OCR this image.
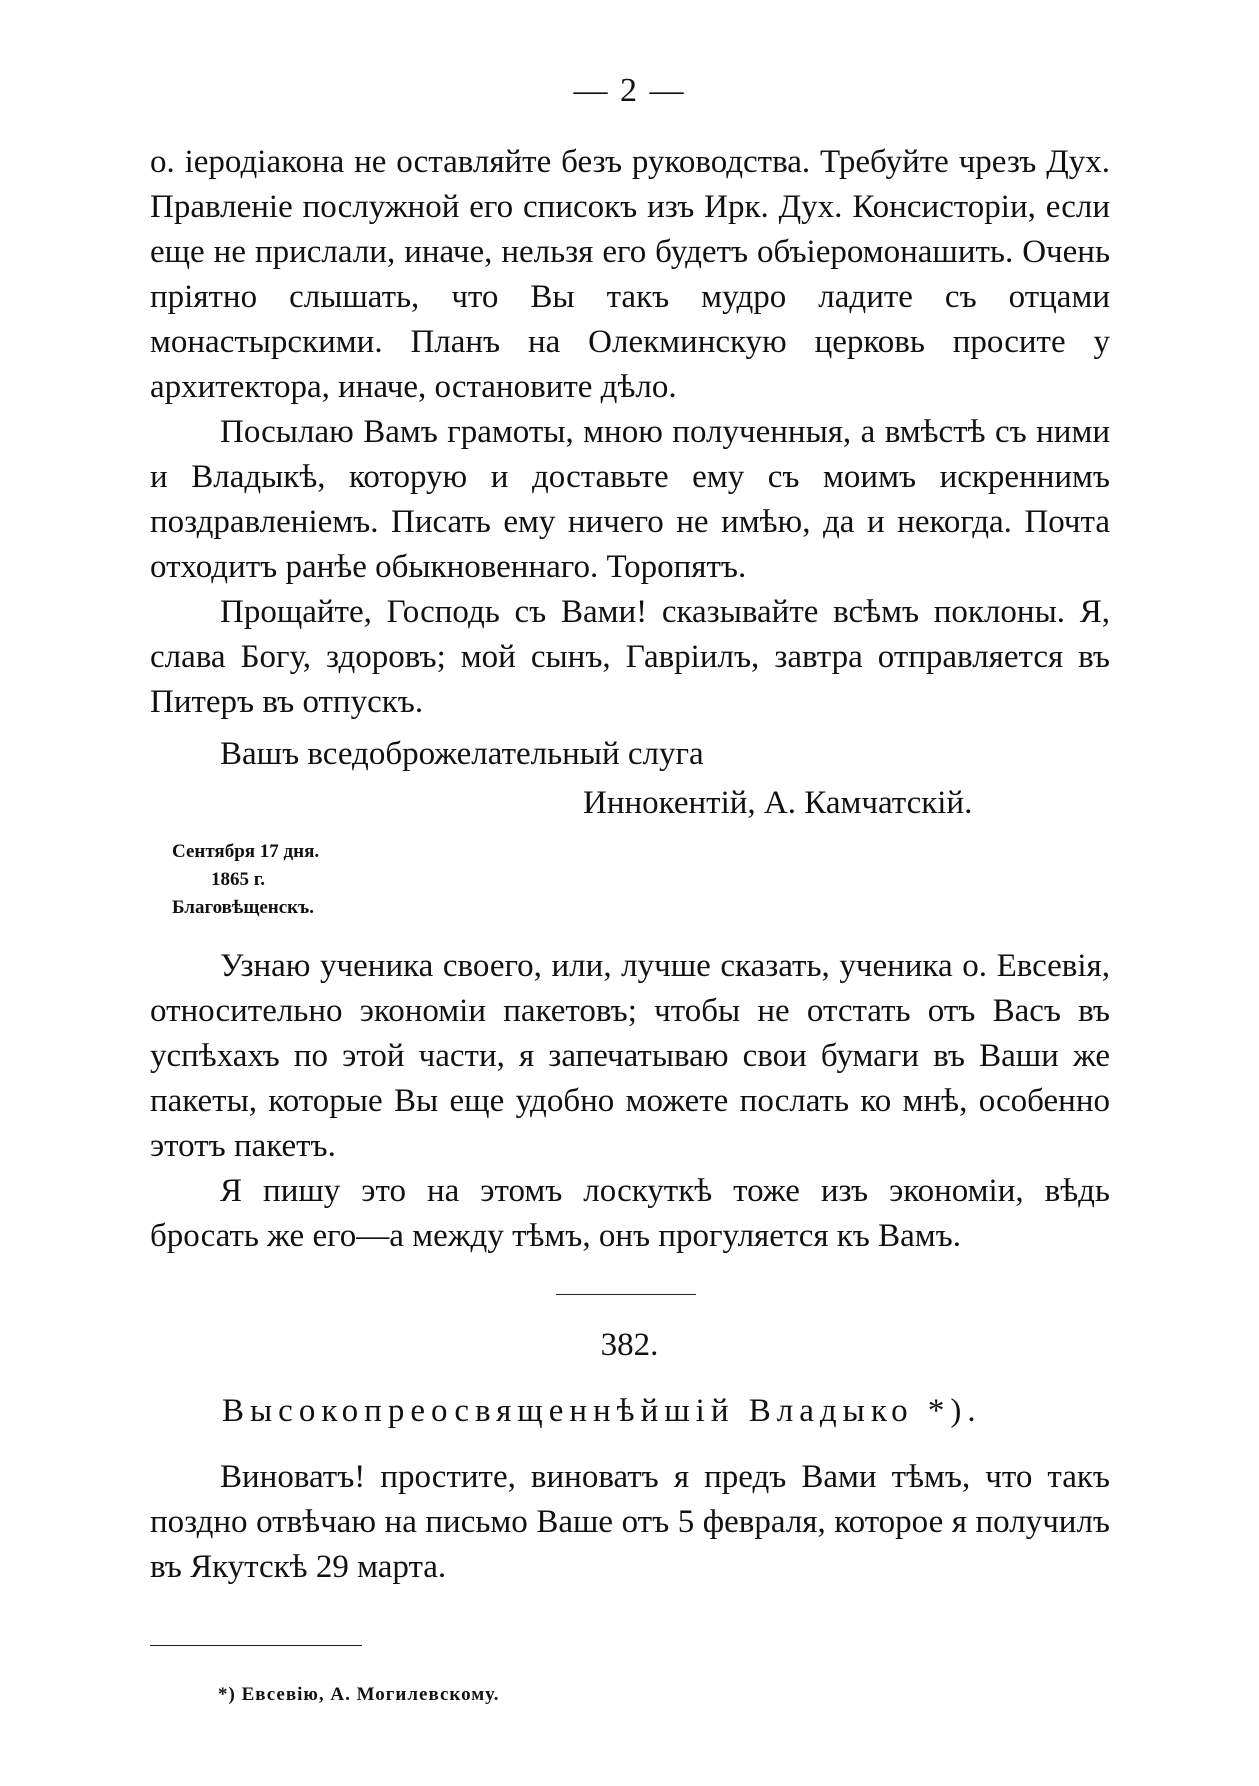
— 2 —

о. іеродіакона не оставляйте безъ руководства. Требуйте чрезъ Дух. Правленіе послужной его списокъ изъ Ирк. Дух. Консисторіи, если еще не прислали, иначе, нельзя его будетъ объіеромонашить. Очень пріятно слышать, что Вы такъ мудро ладите съ отцами монастырскими. Планъ на Олекминскую церковь просите у архитектора, иначе, остановите дѣло.

Посылаю Вамъ грамоты, мною полученныя, а вмѣстѣ съ ними и Владыкѣ, которую и доставьте ему съ моимъ искреннимъ поздравленіемъ. Писать ему ничего не имѣю, да и некогда. Почта отходитъ ранѣе обыкновеннаго. Торопятъ.

Прощайте, Господь съ Вами! сказывайте всѣмъ поклоны. Я, слава Богу, здоровъ; мой сынъ, Гавріилъ, завтра отправляется въ Питеръ въ отпускъ.

Вашъ вседоброжелательный слуга
Иннокентій, А. Камчатскій.
Сентября 17 дня.
1865 г.
Благовѣщенскъ.

Узнаю ученика своего, или, лучше сказать, ученика о. Евсевія, относительно экономіи пакетовъ; чтобы не отстать отъ Васъ въ успѣхахъ по этой части, я запечатываю свои бумаги въ Ваши же пакеты, которые Вы еще удобно можете послать ко мнѣ, особенно этотъ пакетъ.

Я пишу это на этомъ лоскуткѣ тоже изъ экономіи, вѣдь бросать же его—а между тѣмъ, онъ прогуляется къ Вамъ.

382.
Высокопреосвященнѣйшій Владыко *).

Виноватъ! простите, виноватъ я предъ Вами тѣмъ, что такъ поздно отвѣчаю на письмо Ваше отъ 5 февраля, которое я получилъ въ Якутскѣ 29 марта.

*) Евсевію, А. Могилевскому.
